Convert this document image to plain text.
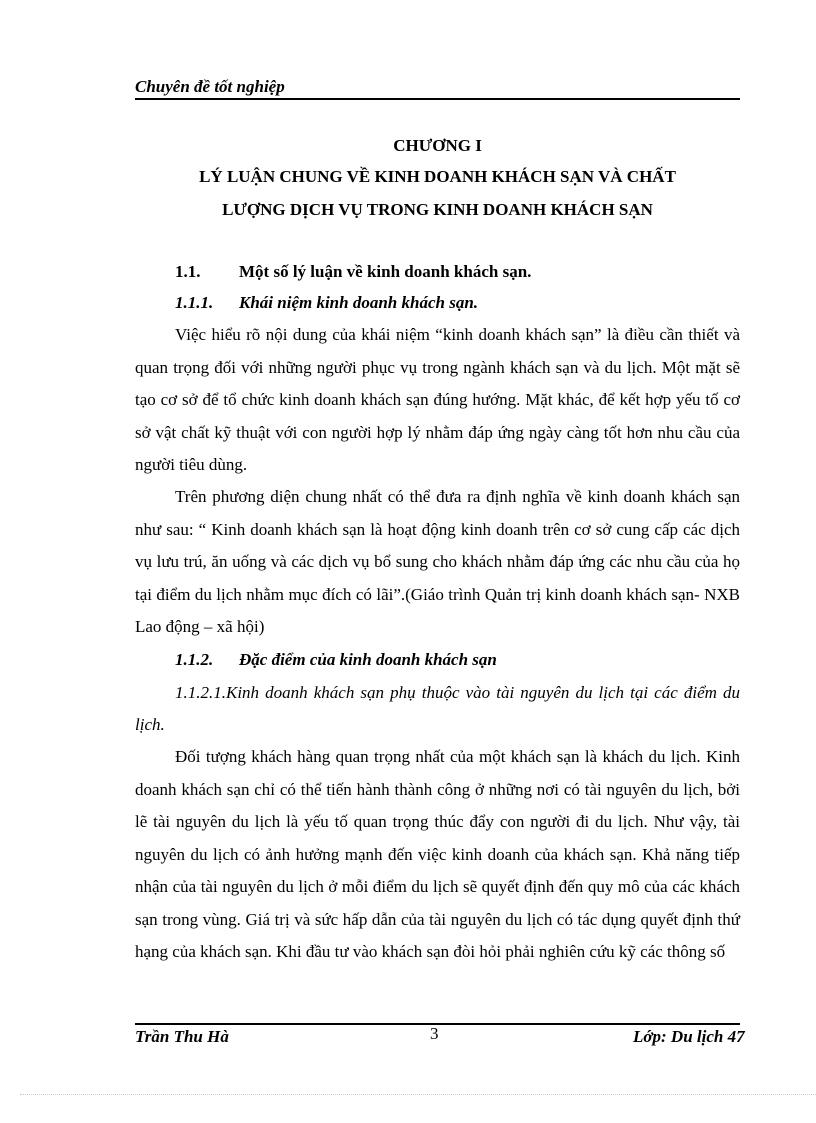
Chuyên đề tốt nghiệp
CHƯƠNG I
LÝ LUẬN CHUNG VỀ KINH DOANH KHÁCH SẠN VÀ CHẤT
LƯỢNG DỊCH VỤ TRONG KINH DOANH KHÁCH SẠN
1.1. Một số lý luận về kinh doanh khách sạn.
1.1.1. Khái niệm kinh doanh khách sạn.

Việc hiểu rõ nội dung của khái niệm “kinh doanh khách sạn” là điều cần thiết và quan trọng đối với những người phục vụ trong ngành khách sạn và du lịch. Một mặt sẽ tạo cơ sở để tổ chức kinh doanh khách sạn đúng hướng. Mặt khác, để kết hợp yếu tố cơ sở vật chất kỹ thuật với con người hợp lý nhằm đáp ứng ngày càng tốt hơn nhu cầu của người tiêu dùng.

Trên phương diện chung nhất có thể đưa ra định nghĩa về kinh doanh khách sạn như sau: “ Kinh doanh khách sạn là hoạt động kinh doanh trên cơ sở cung cấp các dịch vụ lưu trú, ăn uống và các dịch vụ bổ sung cho khách nhằm đáp ứng các nhu cầu của họ tại điểm du lịch nhằm mục đích có lãi”.(Giáo trình Quản trị kinh doanh khách sạn- NXB Lao động – xã hội)

1.1.2. Đặc điểm của kinh doanh khách sạn

1.1.2.1.Kinh doanh khách sạn phụ thuộc vào tài nguyên du lịch tại các điểm du lịch.

Đối tượng khách hàng quan trọng nhất của một khách sạn là khách du lịch. Kinh doanh khách sạn chỉ có thể tiến hành thành công ở những nơi có tài nguyên du lịch, bởi lẽ tài nguyên du lịch là yếu tố quan trọng thúc đẩy con người đi du lịch. Như vậy, tài nguyên du lịch có ảnh hưởng mạnh đến việc kinh doanh của khách sạn. Khả năng tiếp nhận của tài nguyên du lịch ở mỗi điểm du lịch sẽ quyết định đến quy mô của các khách sạn trong vùng. Giá trị và sức hấp dẫn của tài nguyên du lịch có tác dụng quyết định thứ hạng của khách sạn. Khi đầu tư vào khách sạn đòi hỏi phải nghiên cứu kỹ các thông số

Trần Thu Hà	3	Lớp: Du lịch 47
